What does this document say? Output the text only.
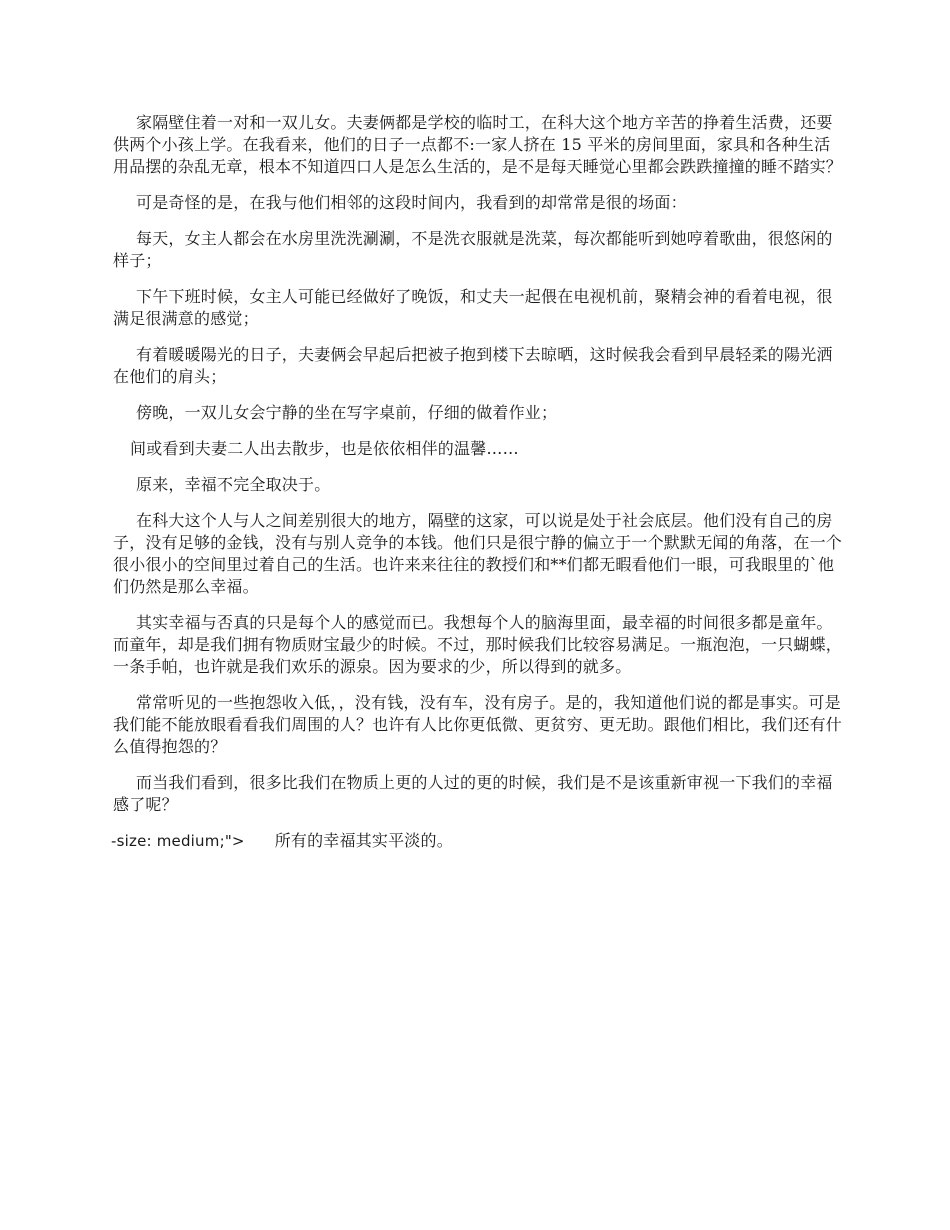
家隔壁住着一对和一双儿女。夫妻俩都是学校的临时工，在科大这个地方辛苦的挣着生活费，还要供两个小孩上学。在我看来，他们的日子一点都不:一家人挤在 15 平米的房间里面，家具和各种生活用品摆的杂乱无章，根本不知道四口人是怎么生活的，是不是每天睡觉心里都会跌跌撞撞的睡不踏实？

可是奇怪的是，在我与他们相邻的这段时间内，我看到的却常常是很的场面：

每天，女主人都会在水房里洗洗涮涮，不是洗衣服就是洗菜，每次都能听到她哼着歌曲，很悠闲的样子；

下午下班时候，女主人可能已经做好了晚饭，和丈夫一起偎在电视机前，聚精会神的看着电视，很满足很满意的感觉；

有着暖暖陽光的日子，夫妻俩会早起后把被子抱到楼下去晾晒，这时候我会看到早晨轻柔的陽光洒在他们的肩头；

傍晚，一双儿女会宁静的坐在写字桌前，仔细的做着作业；

间或看到夫妻二人出去散步，也是依依相伴的温馨……

原来，幸福不完全取决于。

在科大这个人与人之间差别很大的地方，隔壁的这家，可以说是处于社会底层。他们没有自己的房子，没有足够的金钱，没有与别人竞争的本钱。他们只是很宁静的偏立于一个默默无闻的角落，在一个很小很小的空间里过着自己的生活。也许来来往往的教授们和**们都无暇看他们一眼，可我眼里的`他们仍然是那么幸福。

其实幸福与否真的只是每个人的感觉而已。我想每个人的脑海里面，最幸福的时间很多都是童年。而童年，却是我们拥有物质财宝最少的时候。不过，那时候我们比较容易满足。一瓶泡泡，一只蝴蝶，一条手帕，也许就是我们欢乐的源泉。因为要求的少，所以得到的就多。

常常听见的一些抱怨收入低，，没有钱，没有车，没有房子。是的，我知道他们说的都是事实。可是我们能不能放眼看看我们周围的人？也许有人比你更低微、更贫穷、更无助。跟他们相比，我们还有什么值得抱怨的？

而当我们看到，很多比我们在物质上更的人过的更的时候，我们是不是该重新审视一下我们的幸福感了呢？

-size: medium;"> 所有的幸福其实平淡的。
